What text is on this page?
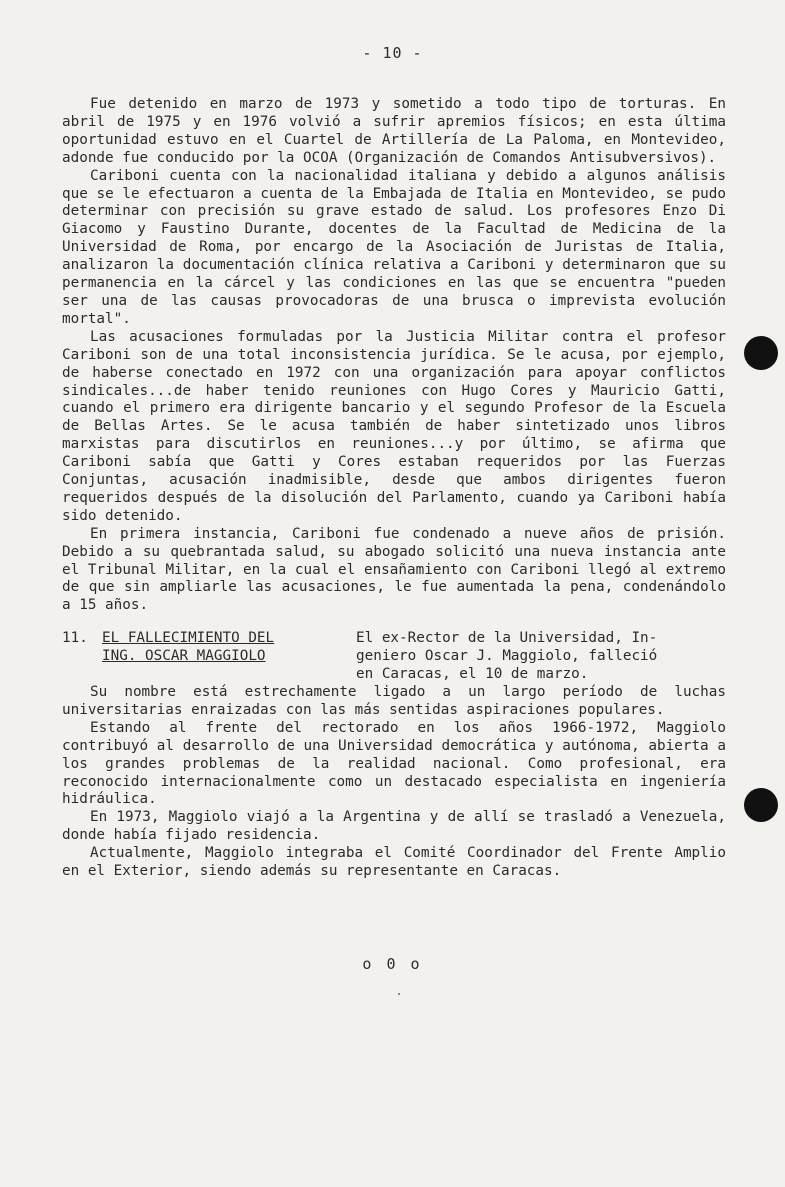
- 10 -

Fue detenido en marzo de 1973 y sometido a todo tipo de torturas. En abril de 1975 y en 1976 volvió a sufrir apremios físicos; en esta última oportunidad estuvo en el Cuartel de Artillería de La Paloma, en Montevideo, adonde fue conducido por la OCOA (Organización de Comandos Antisubversivos).

Cariboni cuenta con la nacionalidad italiana y debido a algunos análisis que se le efectuaron a cuenta de la Embajada de Italia en Montevideo, se pudo determinar con precisión su grave estado de salud. Los profesores Enzo Di Giacomo y Faustino Durante, docentes de la Facultad de Medicina de la Universidad de Roma, por encargo de la Asociación de Juristas de Italia, analizaron la documentación clínica relativa a Cariboni y determinaron que su permanencia en la cárcel y las condiciones en las que se encuentra "pueden ser una de las causas provocadoras de una brusca o imprevista evolución mortal".

Las acusaciones formuladas por la Justicia Militar contra el profesor Cariboni son de una total inconsistencia jurídica. Se le acusa, por ejemplo, de haberse conectado en 1972 con una organización para apoyar conflictos sindicales...de haber tenido reuniones con Hugo Cores y Mauricio Gatti, cuando el primero era dirigente bancario y el segundo Profesor de la Escuela de Bellas Artes. Se le acusa también de haber sintetizado unos libros marxistas para discutirlos en reuniones...y por último, se afirma que Cariboni sabía que Gatti y Cores estaban requeridos por las Fuerzas Conjuntas, acusación inadmisible, desde que ambos dirigentes fueron requeridos después de la disolución del Parlamento, cuando ya Cariboni había sido detenido.

En primera instancia, Cariboni fue condenado a nueve años de prisión. Debido a su quebrantada salud, su abogado solicitó una nueva instancia ante el Tribunal Militar, en la cual el ensañamiento con Cariboni llegó al extremo de que sin ampliarle las acusaciones, le fue aumentada la pena, condenándolo a 15 años.

11. EL FALLECIMIENTO DEL
ING. OSCAR MAGGIOLO
El ex-Rector de la Universidad, In-
geniero Oscar J. Maggiolo, falleció
en Caracas, el 10 de marzo.

Su nombre está estrechamente ligado a un largo período de luchas universitarias enraizadas con las más sentidas aspiraciones populares.

Estando al frente del rectorado en los años 1966-1972, Maggiolo contribuyó al desarrollo de una Universidad democrática y autónoma, abierta a los grandes problemas de la realidad nacional. Como profesional, era reconocido internacionalmente como un destacado especialista en ingeniería hidráulica.

En 1973, Maggiolo viajó a la Argentina y de allí se trasladó a Venezuela, donde había fijado residencia.

Actualmente, Maggiolo integraba el Comité Coordinador del Frente Amplio en el Exterior, siendo además su representante en Caracas.

o 0 o
